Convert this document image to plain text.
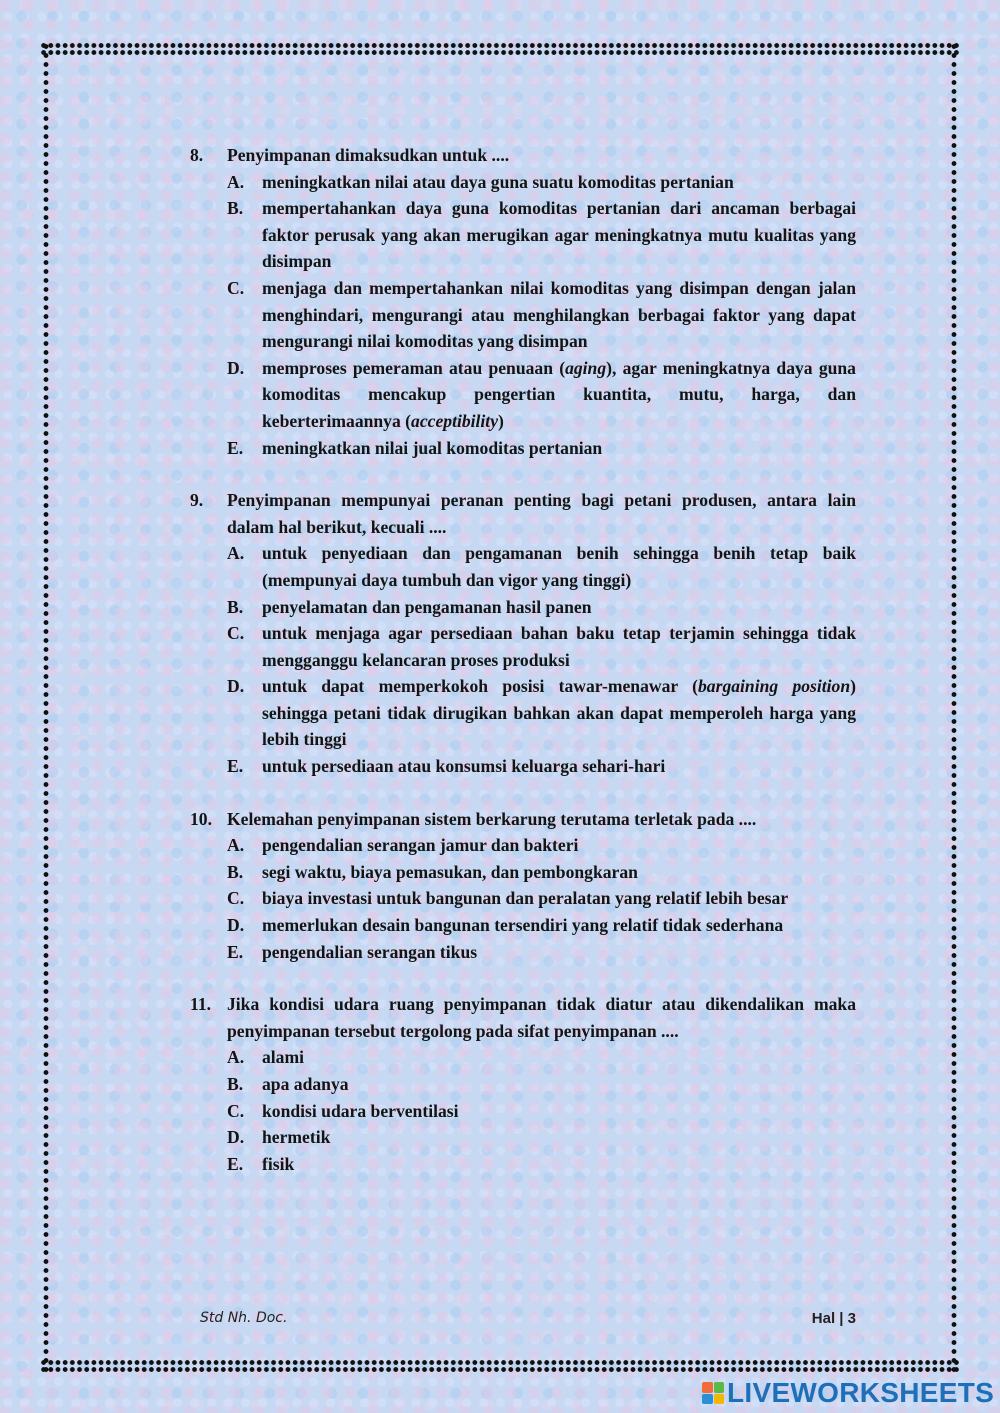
8.	Penyimpanan dimaksudkan untuk ....
A.	meningkatkan nilai atau daya guna suatu komoditas pertanian
B.	mempertahankan daya guna komoditas pertanian dari ancaman berbagai faktor perusak yang akan merugikan agar meningkatnya mutu kualitas yang disimpan
C.	menjaga dan mempertahankan nilai komoditas yang disimpan dengan jalan menghindari, mengurangi atau menghilangkan berbagai faktor yang dapat mengurangi nilai komoditas yang disimpan
D.	memproses pemeraman atau penuaan (aging), agar meningkatnya daya guna komoditas mencakup pengertian kuantita, mutu, harga, dan keberterimaannya (acceptibility)
E.	meningkatkan nilai jual komoditas pertanian
9.	Penyimpanan mempunyai peranan penting bagi petani produsen, antara lain dalam hal berikut, kecuali ....
A.	untuk penyediaan dan pengamanan benih sehingga benih tetap baik (mempunyai daya tumbuh dan vigor yang tinggi)
B.	penyelamatan dan pengamanan hasil panen
C.	untuk menjaga agar persediaan bahan baku tetap terjamin sehingga tidak mengganggu kelancaran proses produksi
D.	untuk dapat memperkokoh posisi tawar-menawar (bargaining position) sehingga petani tidak dirugikan bahkan akan dapat memperoleh harga yang lebih tinggi
E.	untuk persediaan atau konsumsi keluarga sehari-hari
10. Kelemahan penyimpanan sistem berkarung terutama terletak pada ....
A.	pengendalian serangan jamur dan bakteri
B.	segi waktu, biaya pemasukan, dan pembongkaran
C.	biaya investasi untuk bangunan dan peralatan yang relatif lebih besar
D.	memerlukan desain bangunan tersendiri yang relatif tidak sederhana
E.	pengendalian serangan tikus
11. Jika kondisi udara ruang penyimpanan tidak diatur atau dikendalikan maka penyimpanan tersebut tergolong pada sifat penyimpanan ....
A.	alami
B.	apa adanya
C.	kondisi udara berventilasi
D.	hermetik
E.	fisik
Std Nh. Doc.	Hal | 3
LIVEWORKSHEETS
